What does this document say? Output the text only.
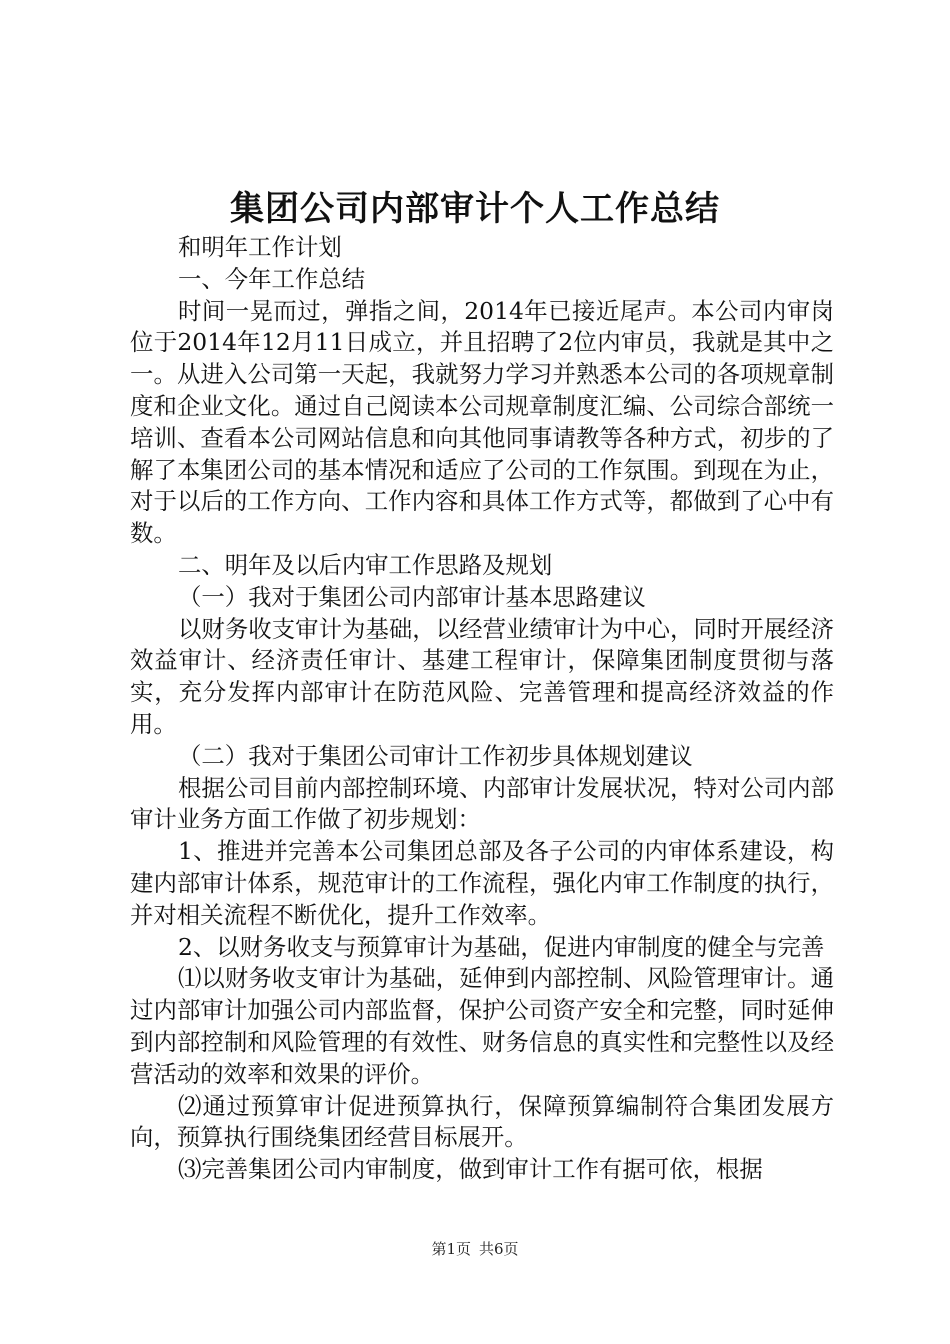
集团公司内部审计个人工作总结

和明年工作计划

一、今年工作总结

时间一晃而过，弹指之间，2014年已接近尾声。本公司内审岗位于2014年12月11日成立，并且招聘了2位内审员，我就是其中之一。从进入公司第一天起，我就努力学习并熟悉本公司的各项规章制度和企业文化。通过自己阅读本公司规章制度汇编、公司综合部统一培训、查看本公司网站信息和向其他同事请教等各种方式，初步的了解了本集团公司的基本情况和适应了公司的工作氛围。到现在为止，对于以后的工作方向、工作内容和具体工作方式等，都做到了心中有数。

二、明年及以后内审工作思路及规划

（一）我对于集团公司内部审计基本思路建议

以财务收支审计为基础，以经营业绩审计为中心，同时开展经济效益审计、经济责任审计、基建工程审计，保障集团制度贯彻与落实，充分发挥内部审计在防范风险、完善管理和提高经济效益的作用。

（二）我对于集团公司审计工作初步具体规划建议

根据公司目前内部控制环境、内部审计发展状况，特对公司内部审计业务方面工作做了初步规划：

1、推进并完善本公司集团总部及各子公司的内审体系建设，构建内部审计体系，规范审计的工作流程，强化内审工作制度的执行，并对相关流程不断优化，提升工作效率。

2、以财务收支与预算审计为基础，促进内审制度的健全与完善

⑴以财务收支审计为基础，延伸到内部控制、风险管理审计。通过内部审计加强公司内部监督，保护公司资产安全和完整，同时延伸到内部控制和风险管理的有效性、财务信息的真实性和完整性以及经营活动的效率和效果的评价。

⑵通过预算审计促进预算执行，保障预算编制符合集团发展方向，预算执行围绕集团经营目标展开。

⑶完善集团公司内审制度，做到审计工作有据可依，根据

第1页 共6页
